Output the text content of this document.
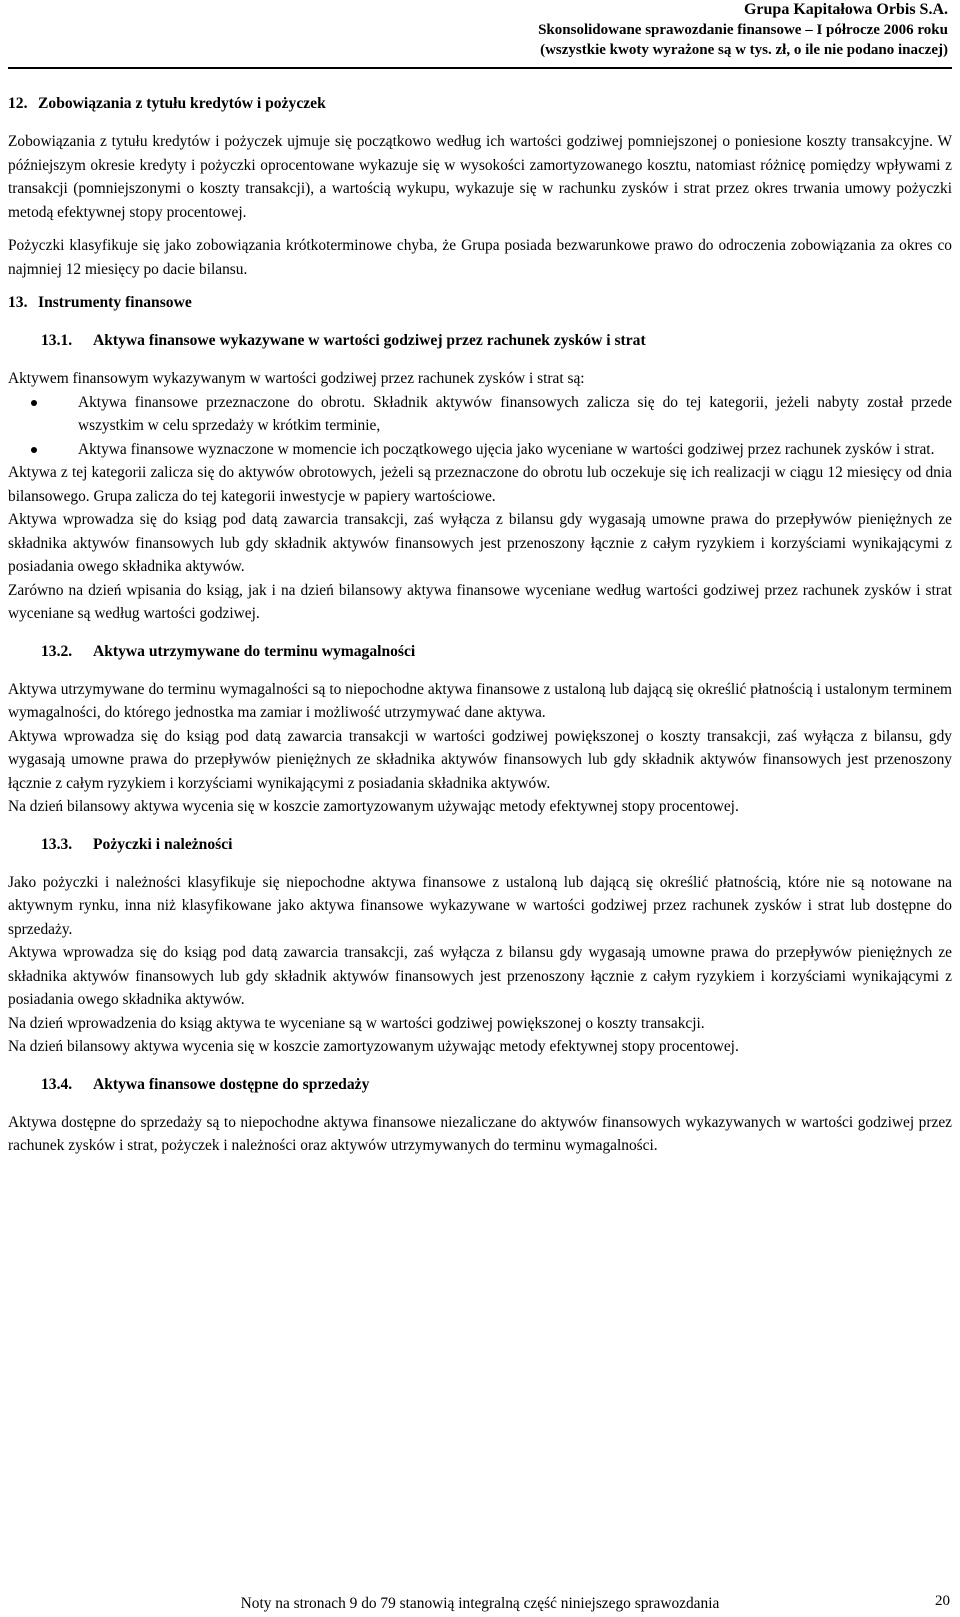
Grupa Kapitałowa Orbis S.A.
Skonsolidowane sprawozdanie finansowe – I półrocze 2006 roku
(wszystkie kwoty wyrażone są w tys. zł, o ile nie podano inaczej)
12. Zobowiązania z tytułu kredytów i pożyczek

Zobowiązania z tytułu kredytów i pożyczek ujmuje się początkowo według ich wartości godziwej pomniejszonej o poniesione koszty transakcyjne. W późniejszym okresie kredyty i pożyczki oprocentowane wykazuje się w wysokości zamortyzowanego kosztu, natomiast różnicę pomiędzy wpływami z transakcji (pomniejszonymi o koszty transakcji), a wartością wykupu, wykazuje się w rachunku zysków i strat przez okres trwania umowy pożyczki metodą efektywnej stopy procentowej.

Pożyczki klasyfikuje się jako zobowiązania krótkoterminowe chyba, że Grupa posiada bezwarunkowe prawo do odroczenia zobowiązania za okres co najmniej 12 miesięcy po dacie bilansu.

13. Instrumenty finansowe
13.1.	Aktywa finansowe wykazywane w wartości godziwej przez rachunek zysków i strat

Aktywem finansowym wykazywanym w wartości godziwej przez rachunek zysków i strat są:

Aktywa finansowe przeznaczone do obrotu. Składnik aktywów finansowych zalicza się do tej kategorii, jeżeli nabyty został przede wszystkim w celu sprzedaży w krótkim terminie,
Aktywa finansowe wyznaczone w momencie ich początkowego ujęcia jako wyceniane w wartości godziwej przez rachunek zysków i strat.

Aktywa z tej kategorii zalicza się do aktywów obrotowych, jeżeli są przeznaczone do obrotu lub oczekuje się ich realizacji w ciągu 12 miesięcy od dnia bilansowego. Grupa zalicza do tej kategorii inwestycje w papiery wartościowe.

Aktywa wprowadza się do ksiąg pod datą zawarcia transakcji, zaś wyłącza z bilansu gdy wygasają umowne prawa do przepływów pieniężnych ze składnika aktywów finansowych lub gdy składnik aktywów finansowych jest przenoszony łącznie z całym ryzykiem i korzyściami wynikającymi z posiadania owego składnika aktywów.

Zarówno na dzień wpisania do ksiąg, jak i na dzień bilansowy aktywa finansowe wyceniane według wartości godziwej przez rachunek zysków i strat wyceniane są według wartości godziwej.

13.2.	Aktywa utrzymywane do terminu wymagalności

Aktywa utrzymywane do terminu wymagalności są to niepochodne aktywa finansowe z ustaloną lub dającą się określić płatnością i ustalonym terminem wymagalności, do którego jednostka ma zamiar i możliwość utrzymywać dane aktywa.

Aktywa wprowadza się do ksiąg pod datą zawarcia transakcji w wartości godziwej powiększonej o koszty transakcji, zaś wyłącza z bilansu, gdy wygasają umowne prawa do przepływów pieniężnych ze składnika aktywów finansowych lub gdy składnik aktywów finansowych jest przenoszony łącznie z całym ryzykiem i korzyściami wynikającymi z posiadania składnika aktywów.

Na dzień bilansowy aktywa wycenia się w koszcie zamortyzowanym używając metody efektywnej stopy procentowej.

13.3.	Pożyczki i należności

Jako pożyczki i należności klasyfikuje się niepochodne aktywa finansowe z ustaloną lub dającą się określić płatnością, które nie są notowane na aktywnym rynku, inna niż klasyfikowane jako aktywa finansowe wykazywane w wartości godziwej przez rachunek zysków i strat lub dostępne do sprzedaży.

Aktywa wprowadza się do ksiąg pod datą zawarcia transakcji, zaś wyłącza z bilansu gdy wygasają umowne prawa do przepływów pieniężnych ze składnika aktywów finansowych lub gdy składnik aktywów finansowych jest przenoszony łącznie z całym ryzykiem i korzyściami wynikającymi z posiadania owego składnika aktywów.

Na dzień wprowadzenia do ksiąg aktywa te wyceniane są w wartości godziwej powiększonej o koszty transakcji.

Na dzień bilansowy aktywa wycenia się w koszcie zamortyzowanym używając metody efektywnej stopy procentowej.

13.4.	Aktywa finansowe dostępne do sprzedaży

Aktywa dostępne do sprzedaży są to niepochodne aktywa finansowe niezaliczane do aktywów finansowych wykazywanych w wartości godziwej przez rachunek zysków i strat, pożyczek i należności oraz aktywów utrzymywanych do terminu wymagalności.

Noty na stronach 9 do 79 stanowią integralną część niniejszego sprawozdania	20
